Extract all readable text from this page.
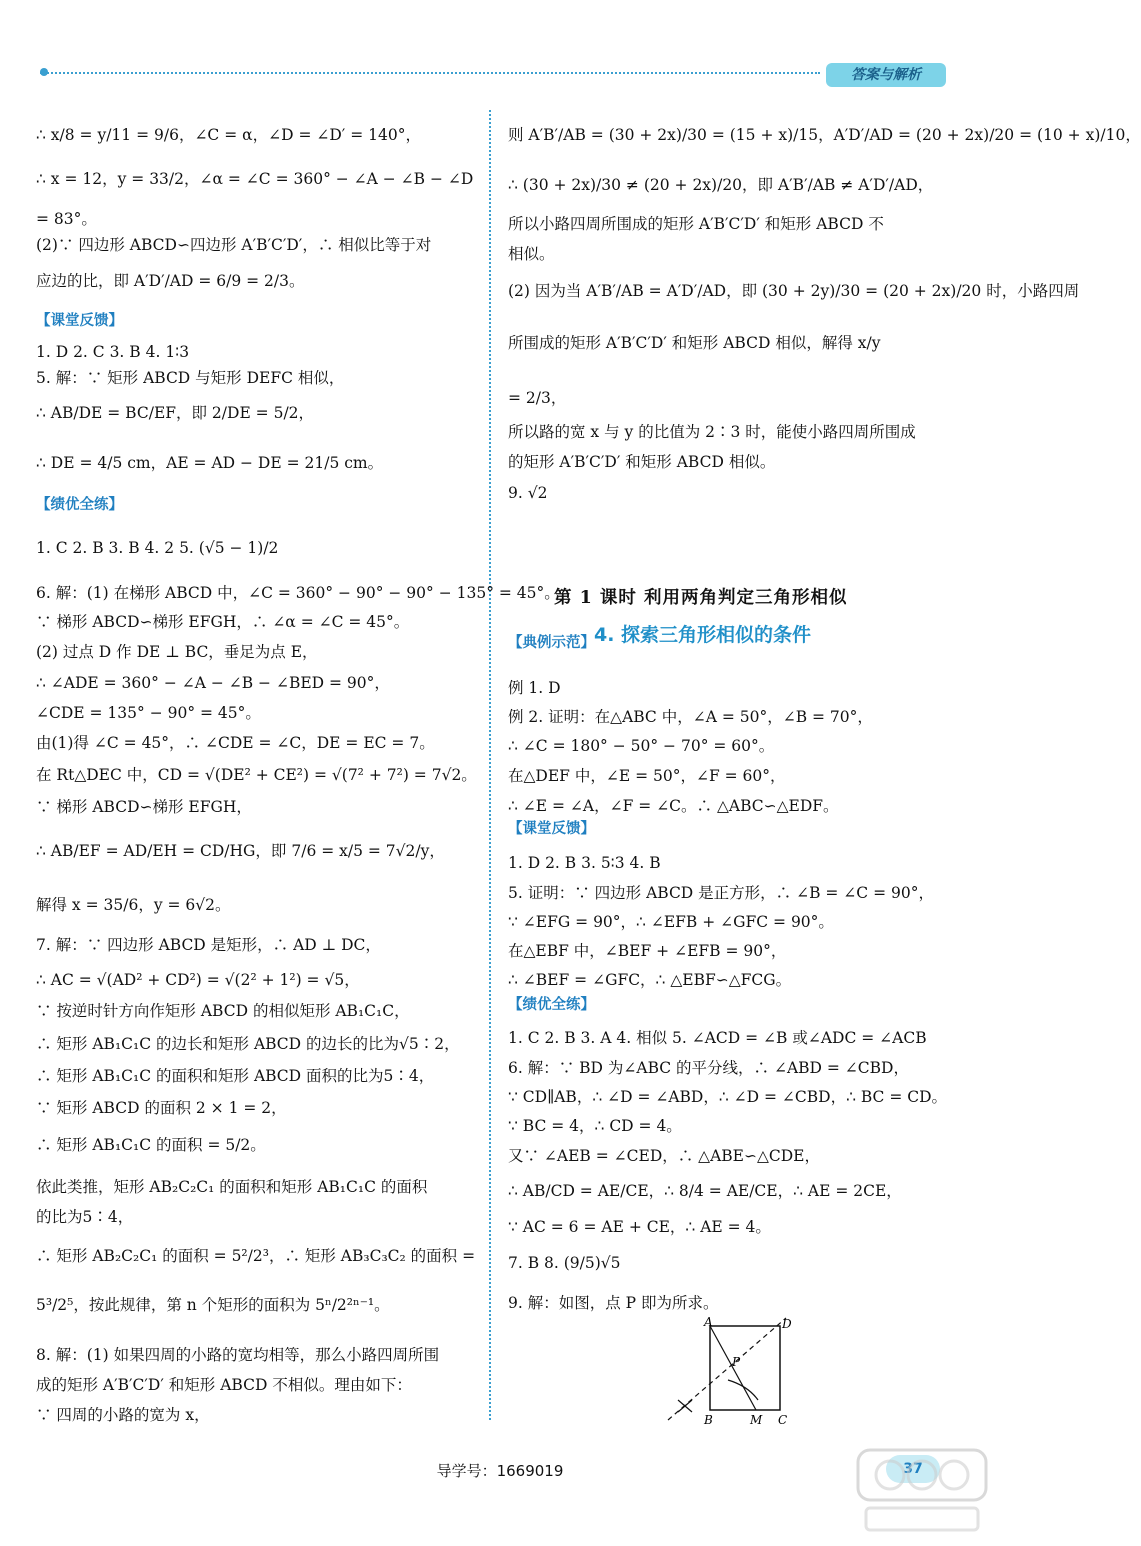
答案与解析
∴ x/8 = y/11 = 9/6，∠C = α，∠D = ∠D′ = 140°，
∴ x = 12，y = 33/2，∠α = ∠C = 360° − ∠A − ∠B − ∠D
= 83°。
(2)∵ 四边形 ABCD∽四边形 A′B′C′D′，∴ 相似比等于对
应边的比，即 A′D′/AD = 6/9 = 2/3。
1. D 2. C 3. B 4. 1∶3
5. 解：∵ 矩形 ABCD 与矩形 DEFC 相似，
∴ AB/DE = BC/EF，即 2/DE = 5/2，
∴ DE = 4/5 cm，AE = AD − DE = 21/5 cm。
1. C 2. B 3. B 4. 2 5. (√5 − 1)/2
6. 解：(1) 在梯形 ABCD 中，∠C = 360° − 90° − 90° − 135° = 45°。
∵ 梯形 ABCD∽梯形 EFGH，∴ ∠α = ∠C = 45°。
(2) 过点 D 作 DE ⊥ BC，垂足为点 E，
∴ ∠ADE = 360° − ∠A − ∠B − ∠BED = 90°，
∠CDE = 135° − 90° = 45°。
由(1)得 ∠C = 45°，∴ ∠CDE = ∠C，DE = EC = 7。
在 Rt△DEC 中，CD = √(DE² + CE²) = √(7² + 7²) = 7√2。
∵ 梯形 ABCD∽梯形 EFGH，
∴ AB/EF = AD/EH = CD/HG，即 7/6 = x/5 = 7√2/y，
解得 x = 35/6，y = 6√2。
7. 解：∵ 四边形 ABCD 是矩形，∴ AD ⊥ DC，
∴ AC = √(AD² + CD²) = √(2² + 1²) = √5，
∵ 按逆时针方向作矩形 ABCD 的相似矩形 AB₁C₁C，
∴ 矩形 AB₁C₁C 的边长和矩形 ABCD 的边长的比为√5∶2，
∴ 矩形 AB₁C₁C 的面积和矩形 ABCD 面积的比为5∶4，
∵ 矩形 ABCD 的面积 2 × 1 = 2，
∴ 矩形 AB₁C₁C 的面积 = 5/2。
依此类推，矩形 AB₂C₂C₁ 的面积和矩形 AB₁C₁C 的面积
的比为5∶4，
∴ 矩形 AB₂C₂C₁ 的面积 = 5²/2³，∴ 矩形 AB₃C₃C₂ 的面积 =
5³/2⁵，按此规律，第 n 个矩形的面积为 5ⁿ/2²ⁿ⁻¹。
8. 解：(1) 如果四周的小路的宽均相等，那么小路四周所围
成的矩形 A′B′C′D′ 和矩形 ABCD 不相似。理由如下：
∵ 四周的小路的宽为 x，
【课堂反馈】
【绩优全练】
则 A′B′/AB = (30 + 2x)/30 = (15 + x)/15，A′D′/AD = (20 + 2x)/20 = (10 + x)/10，
∴ (30 + 2x)/30 ≠ (20 + 2x)/20，即 A′B′/AB ≠ A′D′/AD，
所以小路四周所围成的矩形 A′B′C′D′ 和矩形 ABCD 不
相似。
(2) 因为当 A′B′/AB = A′D′/AD，即 (30 + 2y)/30 = (20 + 2x)/20 时，小路四周
所围成的矩形 A′B′C′D′ 和矩形 ABCD 相似，解得 x/y
= 2/3，
所以路的宽 x 与 y 的比值为 2∶3 时，能使小路四周所围成
的矩形 A′B′C′D′ 和矩形 ABCD 相似。
9. √2
例 1. D
例 2. 证明：在△ABC 中，∠A = 50°，∠B = 70°，
∴ ∠C = 180° − 50° − 70° = 60°。
在△DEF 中，∠E = 50°，∠F = 60°，
∴ ∠E = ∠A，∠F = ∠C。∴ △ABC∽△EDF。
1. D 2. B 3. 5∶3 4. B
5. 证明：∵ 四边形 ABCD 是正方形，∴ ∠B = ∠C = 90°，
∵ ∠EFG = 90°，∴ ∠EFB + ∠GFC = 90°。
在△EBF 中，∠BEF + ∠EFB = 90°，
∴ ∠BEF = ∠GFC，∴ △EBF∽△FCG。
1. C 2. B 3. A 4. 相似 5. ∠ACD = ∠B 或∠ADC = ∠ACB
6. 解：∵ BD 为∠ABC 的平分线，∴ ∠ABD = ∠CBD，
∵ CD∥AB，∴ ∠D = ∠ABD，∴ ∠D = ∠CBD，∴ BC = CD。
∵ BC = 4，∴ CD = 4。
又∵ ∠AEB = ∠CED，∴ △ABE∽△CDE，
∴ AB/CD = AE/CE，∴ 8/4 = AE/CE，∴ AE = 2CE，
∵ AC = 6 = AE + CE，∴ AE = 4。
7. B 8. (9/5)√5
9. 解：如图，点 P 即为所求。
【典例示范】
【课堂反馈】
【绩优全练】
4. 探索三角形相似的条件
第 1 课时 利用两角判定三角形相似
A	D
P
B	M C
导学号：1669019	37
